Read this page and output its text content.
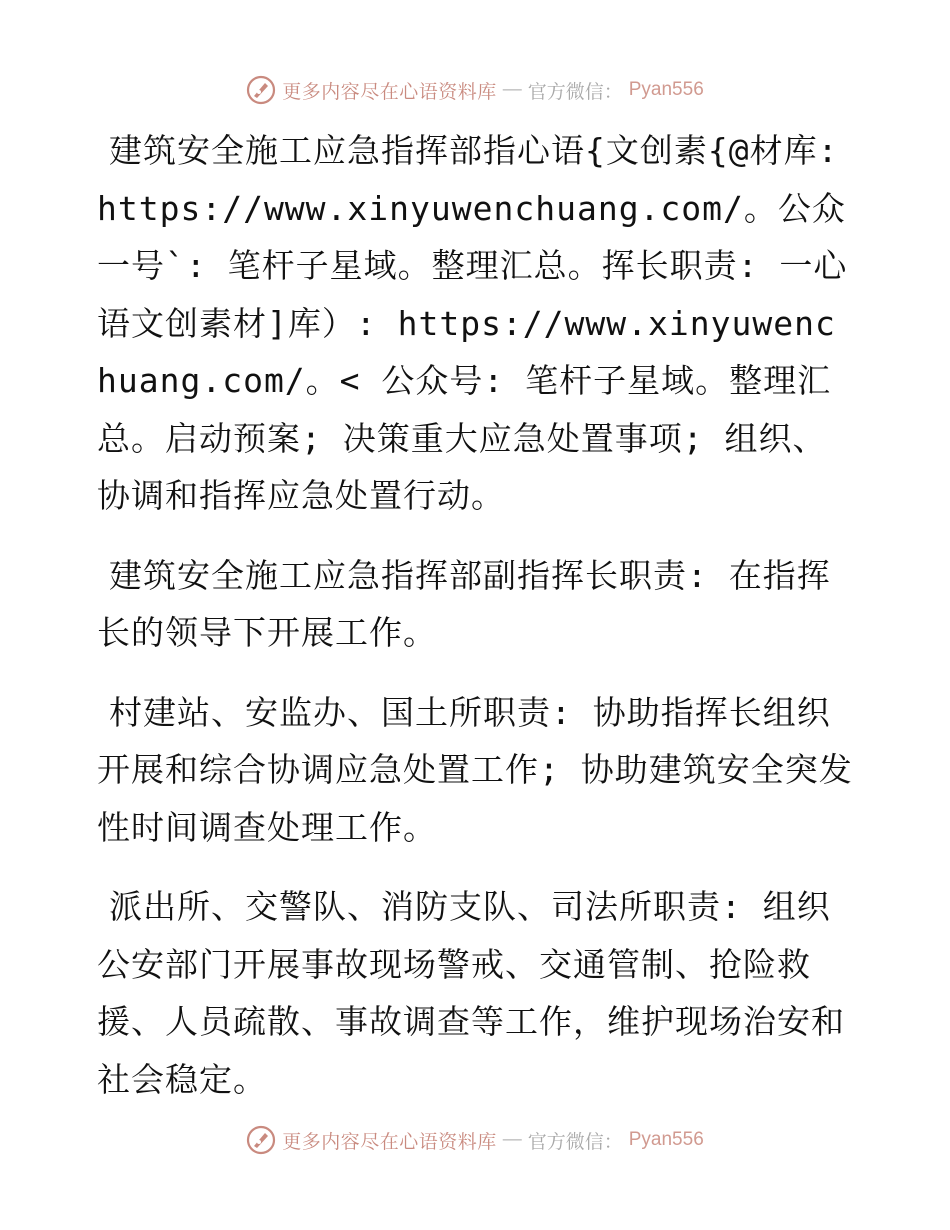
更多内容尽在心语资料库 — 官方微信： Pyan556

建筑安全施工应急指挥部指心语{文创素{@材库: https://www.xinyuwenchuang.com/。公众一号`: 笔杆子星域。整理汇总。挥长职责: 一心语文创素材]库）: https://www.xinyuwenchuang.com/。< 公众号: 笔杆子星域。整理汇总。启动预案; 决策重大应急处置事项; 组织、协调和指挥应急处置行动。

建筑安全施工应急指挥部副指挥长职责: 在指挥长的领导下开展工作。

村建站、安监办、国土所职责: 协助指挥长组织开展和综合协调应急处置工作; 协助建筑安全突发性时间调查处理工作。

派出所、交警队、消防支队、司法所职责: 组织公安部门开展事故现场警戒、交通管制、抢险救援、人员疏散、事故调查等工作，维护现场治安和社会稳定。

更多内容尽在心语资料库 — 官方微信： Pyan556
